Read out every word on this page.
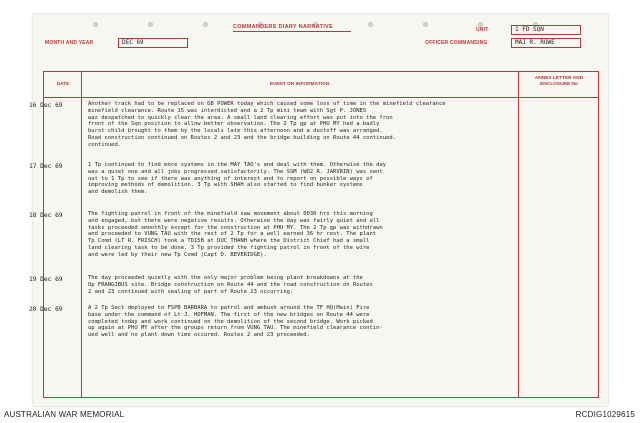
COMMANDERS DIARY NARRATIVE
MONTH AND YEAR	DEC 69
UNIT	1 FD SQN
OFFICER COMMANDING	MAJ R. ROWE
DATE	EVENT OR INFORMATION
ANNEX LETTER AND
ENCLOSURE No
16 Dec 69	Another track had to be replaced on D8 POWER today which caused some loss of time in the minefield clearance
minefield clearance. Route 15 was interdicted and a 2 Tp mini team with Sgt P. JONES
was despatched to quickly clear the area. A small land clearing effort was put into the fron
front of the Sqn position to allow better observation. The 2 Tp gp at PHU MY had a badly
burst child brought to them by the locals late this afternoon and a dustoff was arranged.
Road construction continued on Routes 2 and 23 and the bridge building on Route 44 continued.
continued.
17 Dec 69	1 Tp continued to find more systems in the MAY TAO's and deal with them. Otherwise the day
was a quiet one and all jobs progressed satisfactorily. The SSM (WO2 R. JARVRIN) was sent
out to 1 Tp to see if there was anything of interest and to report on possible ways of
improving methods of demolition. 3 Tp with SHAH also started to find bunker systems
and demolish them.
18 Dec 69	The fighting patrol in front of the minefield saw movement about 0030 hrs this morning
and engaged, but there were negative results. Otherwise the day was fairly quiet and all
tasks proceeded smoothly except for the construction at PHU MY. The 2 Tp gp was withdrawn
and proceeded to VUNG TAU with the rest of 2 Tp for a well earned 36 hr rest. The plant
Tp Comd (LT R. FRISCH) took a TD15B at DUC THANH where the District Chief had a small
land clearing task to be done. 3 Tp provided the fighting patrol in front of the wire
and were led by their new Tp Comd (Capt D. BEVERIDGE).
19 Dec 69	The day proceeded quietly with the only major problem being plant breakdowns at the
Op FRANGIBUS site. Bridge construction on Route 44 and the road construction on Routes
2 and 23 continued with sealing of part of Route 23 occurring.
20 Dec 69	A 2 Tp Sect deployed to FSPB BARBARA to patrol and ambush around the TF HQ(Main) Fire
base under the command of Lt J. HOFMAN. The first of the new bridges on Route 44 were
completed today and work continued on the demolition of the second bridge. Work picked
up again at PHU MY after the groups return from VUNG TAU. The minefield clearance contin-
ued well and no plant down time occured. Routes 2 and 23 proceeded.
AUSTRALIAN WAR MEMORIAL	RCDIG1029615
